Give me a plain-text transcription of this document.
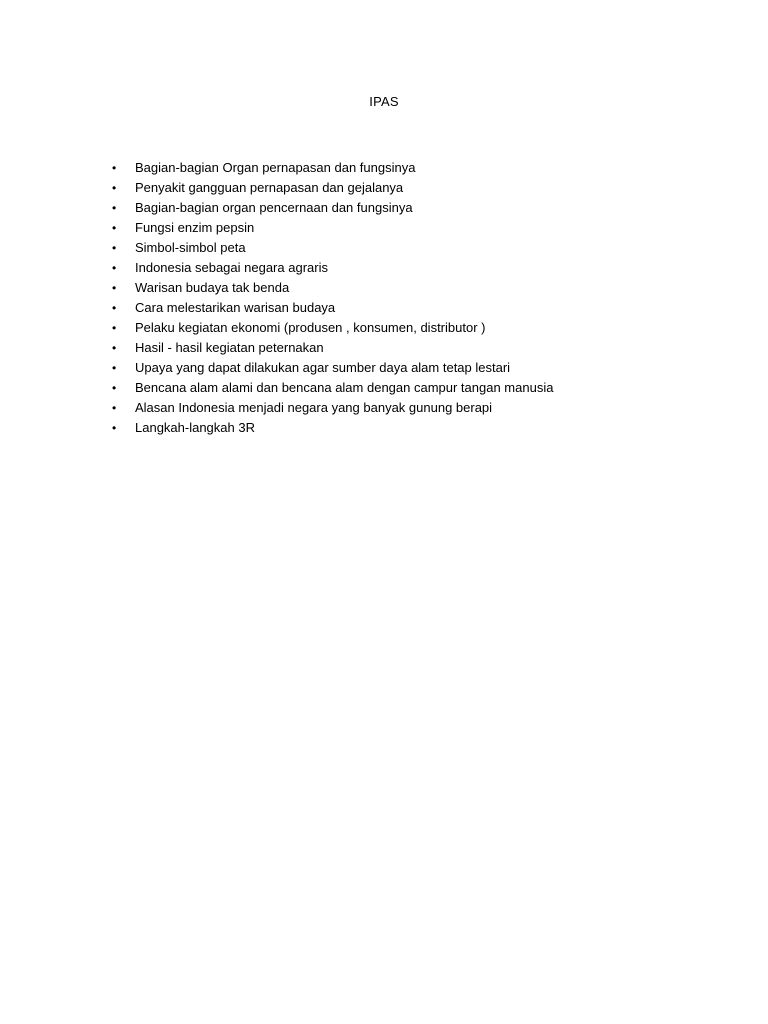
IPAS
• Bagian-bagian Organ pernapasan dan fungsinya
• Penyakit gangguan pernapasan dan gejalanya
• Bagian-bagian organ pencernaan dan fungsinya
• Fungsi enzim pepsin
• Simbol-simbol peta
• Indonesia sebagai negara agraris
• Warisan budaya tak benda
• Cara melestarikan warisan budaya
• Pelaku kegiatan ekonomi (produsen , konsumen, distributor )
• Hasil - hasil kegiatan peternakan
• Upaya yang dapat dilakukan agar sumber daya alam tetap lestari
• Bencana alam alami dan bencana alam dengan campur tangan manusia
• Alasan Indonesia menjadi negara yang banyak gunung berapi
• Langkah-langkah 3R
